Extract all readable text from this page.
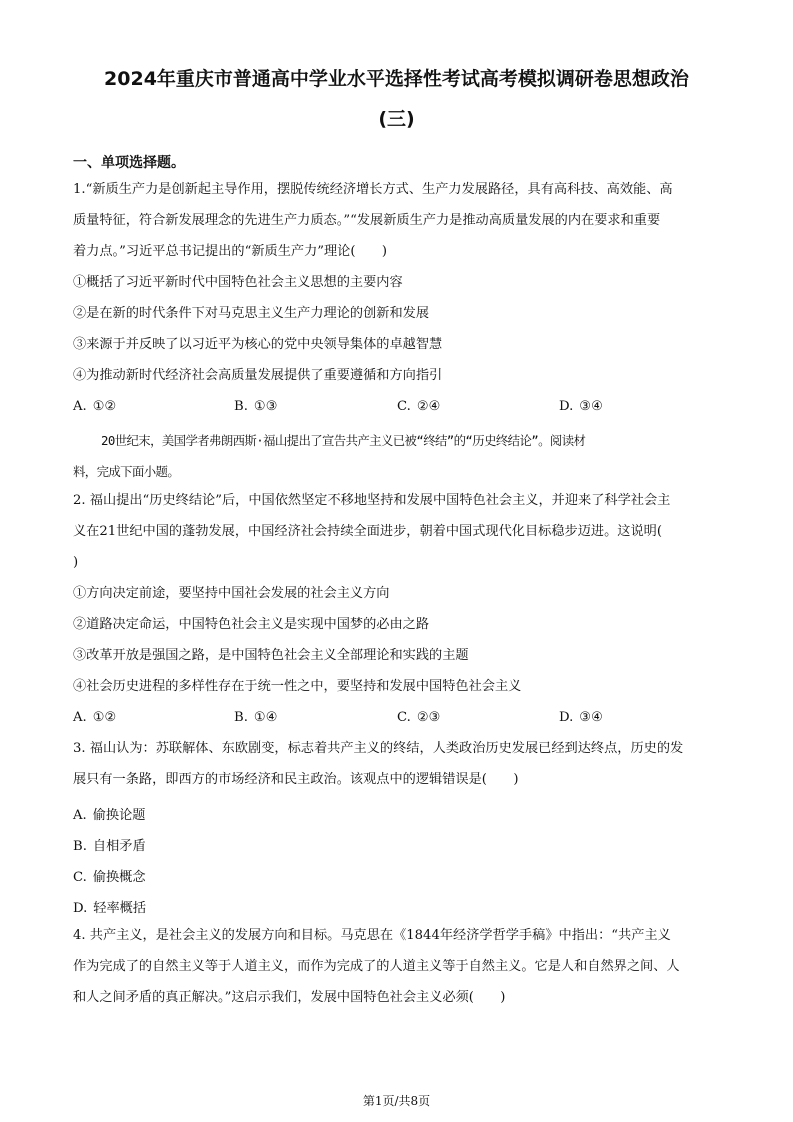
2024年重庆市普通高中学业水平选择性考试高考模拟调研卷思想政治
(三)
一、单项选择题。
1.“新质生产力是创新起主导作用，摆脱传统经济增长方式、生产力发展路径，具有高科技、高效能、高
质量特征，符合新发展理念的先进生产力质态。”“发展新质生产力是推动高质量发展的内在要求和重要
着力点。”习近平总书记提出的“新质生产力”理论(　　)
①概括了习近平新时代中国特色社会主义思想的主要内容
②是在新的时代条件下对马克思主义生产力理论的创新和发展
③来源于并反映了以习近平为核心的党中央领导集体的卓越智慧
④为推动新时代经济社会高质量发展提供了重要遵循和方向指引
A. ①②	B. ①③	C. ②④	D. ③④
20世纪末，美国学者弗朗西斯·福山提出了宣告共产主义已被“终结”的“历史终结论”。阅读材
料，完成下面小题。
2. 福山提出“历史终结论”后，中国依然坚定不移地坚持和发展中国特色社会主义，并迎来了科学社会主
义在21世纪中国的蓬勃发展，中国经济社会持续全面进步，朝着中国式现代化目标稳步迈进。这说明(
)
①方向决定前途，要坚持中国社会发展的社会主义方向
②道路决定命运，中国特色社会主义是实现中国梦的必由之路
③改革开放是强国之路，是中国特色社会主义全部理论和实践的主题
④社会历史进程的多样性存在于统一性之中，要坚持和发展中国特色社会主义
A. ①②	B. ①④	C. ②③	D. ③④
3. 福山认为：苏联解体、东欧剧变，标志着共产主义的终结，人类政治历史发展已经到达终点，历史的发
展只有一条路，即西方的市场经济和民主政治。该观点中的逻辑错误是(　　)
A. 偷换论题
B. 自相矛盾
C. 偷换概念
D. 轻率概括
4. 共产主义，是社会主义的发展方向和目标。马克思在《1844年经济学哲学手稿》中指出：“共产主义
作为完成了的自然主义等于人道主义，而作为完成了的人道主义等于自然主义。它是人和自然界之间、人
和人之间矛盾的真正解决。”这启示我们，发展中国特色社会主义必须(　　)
第1页/共8页
